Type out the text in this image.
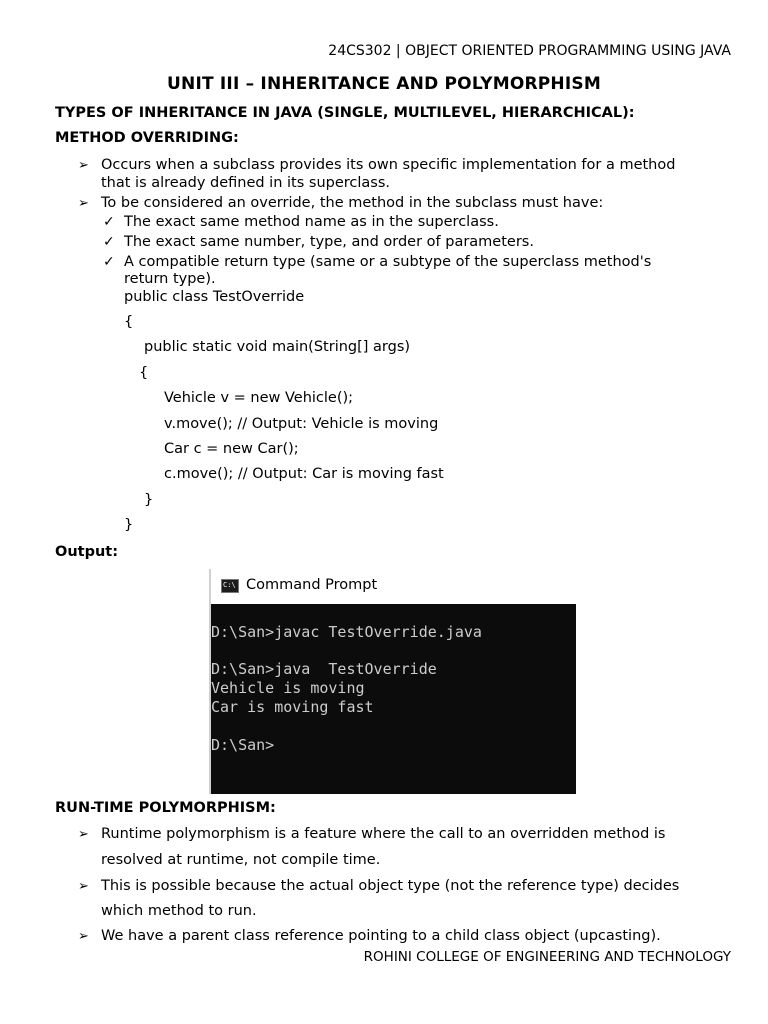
24CS302 | OBJECT ORIENTED PROGRAMMING USING JAVA
UNIT III – INHERITANCE AND POLYMORPHISM
TYPES OF INHERITANCE IN JAVA (SINGLE, MULTILEVEL, HIERARCHICAL):
METHOD OVERRIDING:
➢ Occurs when a subclass provides its own specific implementation for a method
that is already defined in its superclass.
➢ To be considered an override, the method in the subclass must have:
✓ The exact same method name as in the superclass.
✓ The exact same number, type, and order of parameters.
✓ A compatible return type (same or a subtype of the superclass method's
return type).
public class TestOverride
{
public static void main(String[] args)
{
Vehicle v = new Vehicle();
v.move(); // Output: Vehicle is moving
Car c = new Car();
c.move(); // Output: Car is moving fast
}
}
Output:
C:\ Command Prompt
D:\San>javac TestOverride.java
D:\San>java  TestOverride
Vehicle is moving
Car is moving fast
D:\San>
RUN-TIME POLYMORPHISM:
➢ Runtime polymorphism is a feature where the call to an overridden method is
resolved at runtime, not compile time.
➢ This is possible because the actual object type (not the reference type) decides
which method to run.
➢ We have a parent class reference pointing to a child class object (upcasting).
ROHINI COLLEGE OF ENGINEERING AND TECHNOLOGY
